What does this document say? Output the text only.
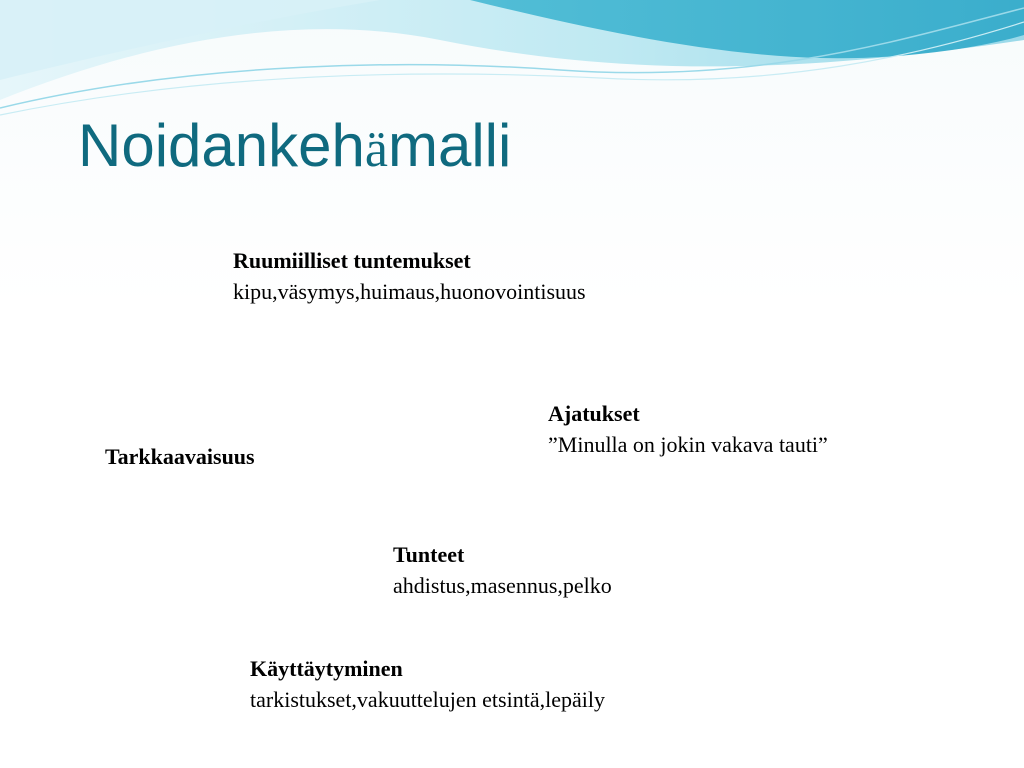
Noidankehämalli
Ruumiilliset tuntemukset
kipu,väsymys,huimaus,huonovointisuus
Ajatukset
”Minulla on jokin vakava tauti”
Tarkkaavaisuus
Tunteet
ahdistus,masennus,pelko
Käyttäytyminen
tarkistukset,vakuuttelujen etsintä,lepäily
